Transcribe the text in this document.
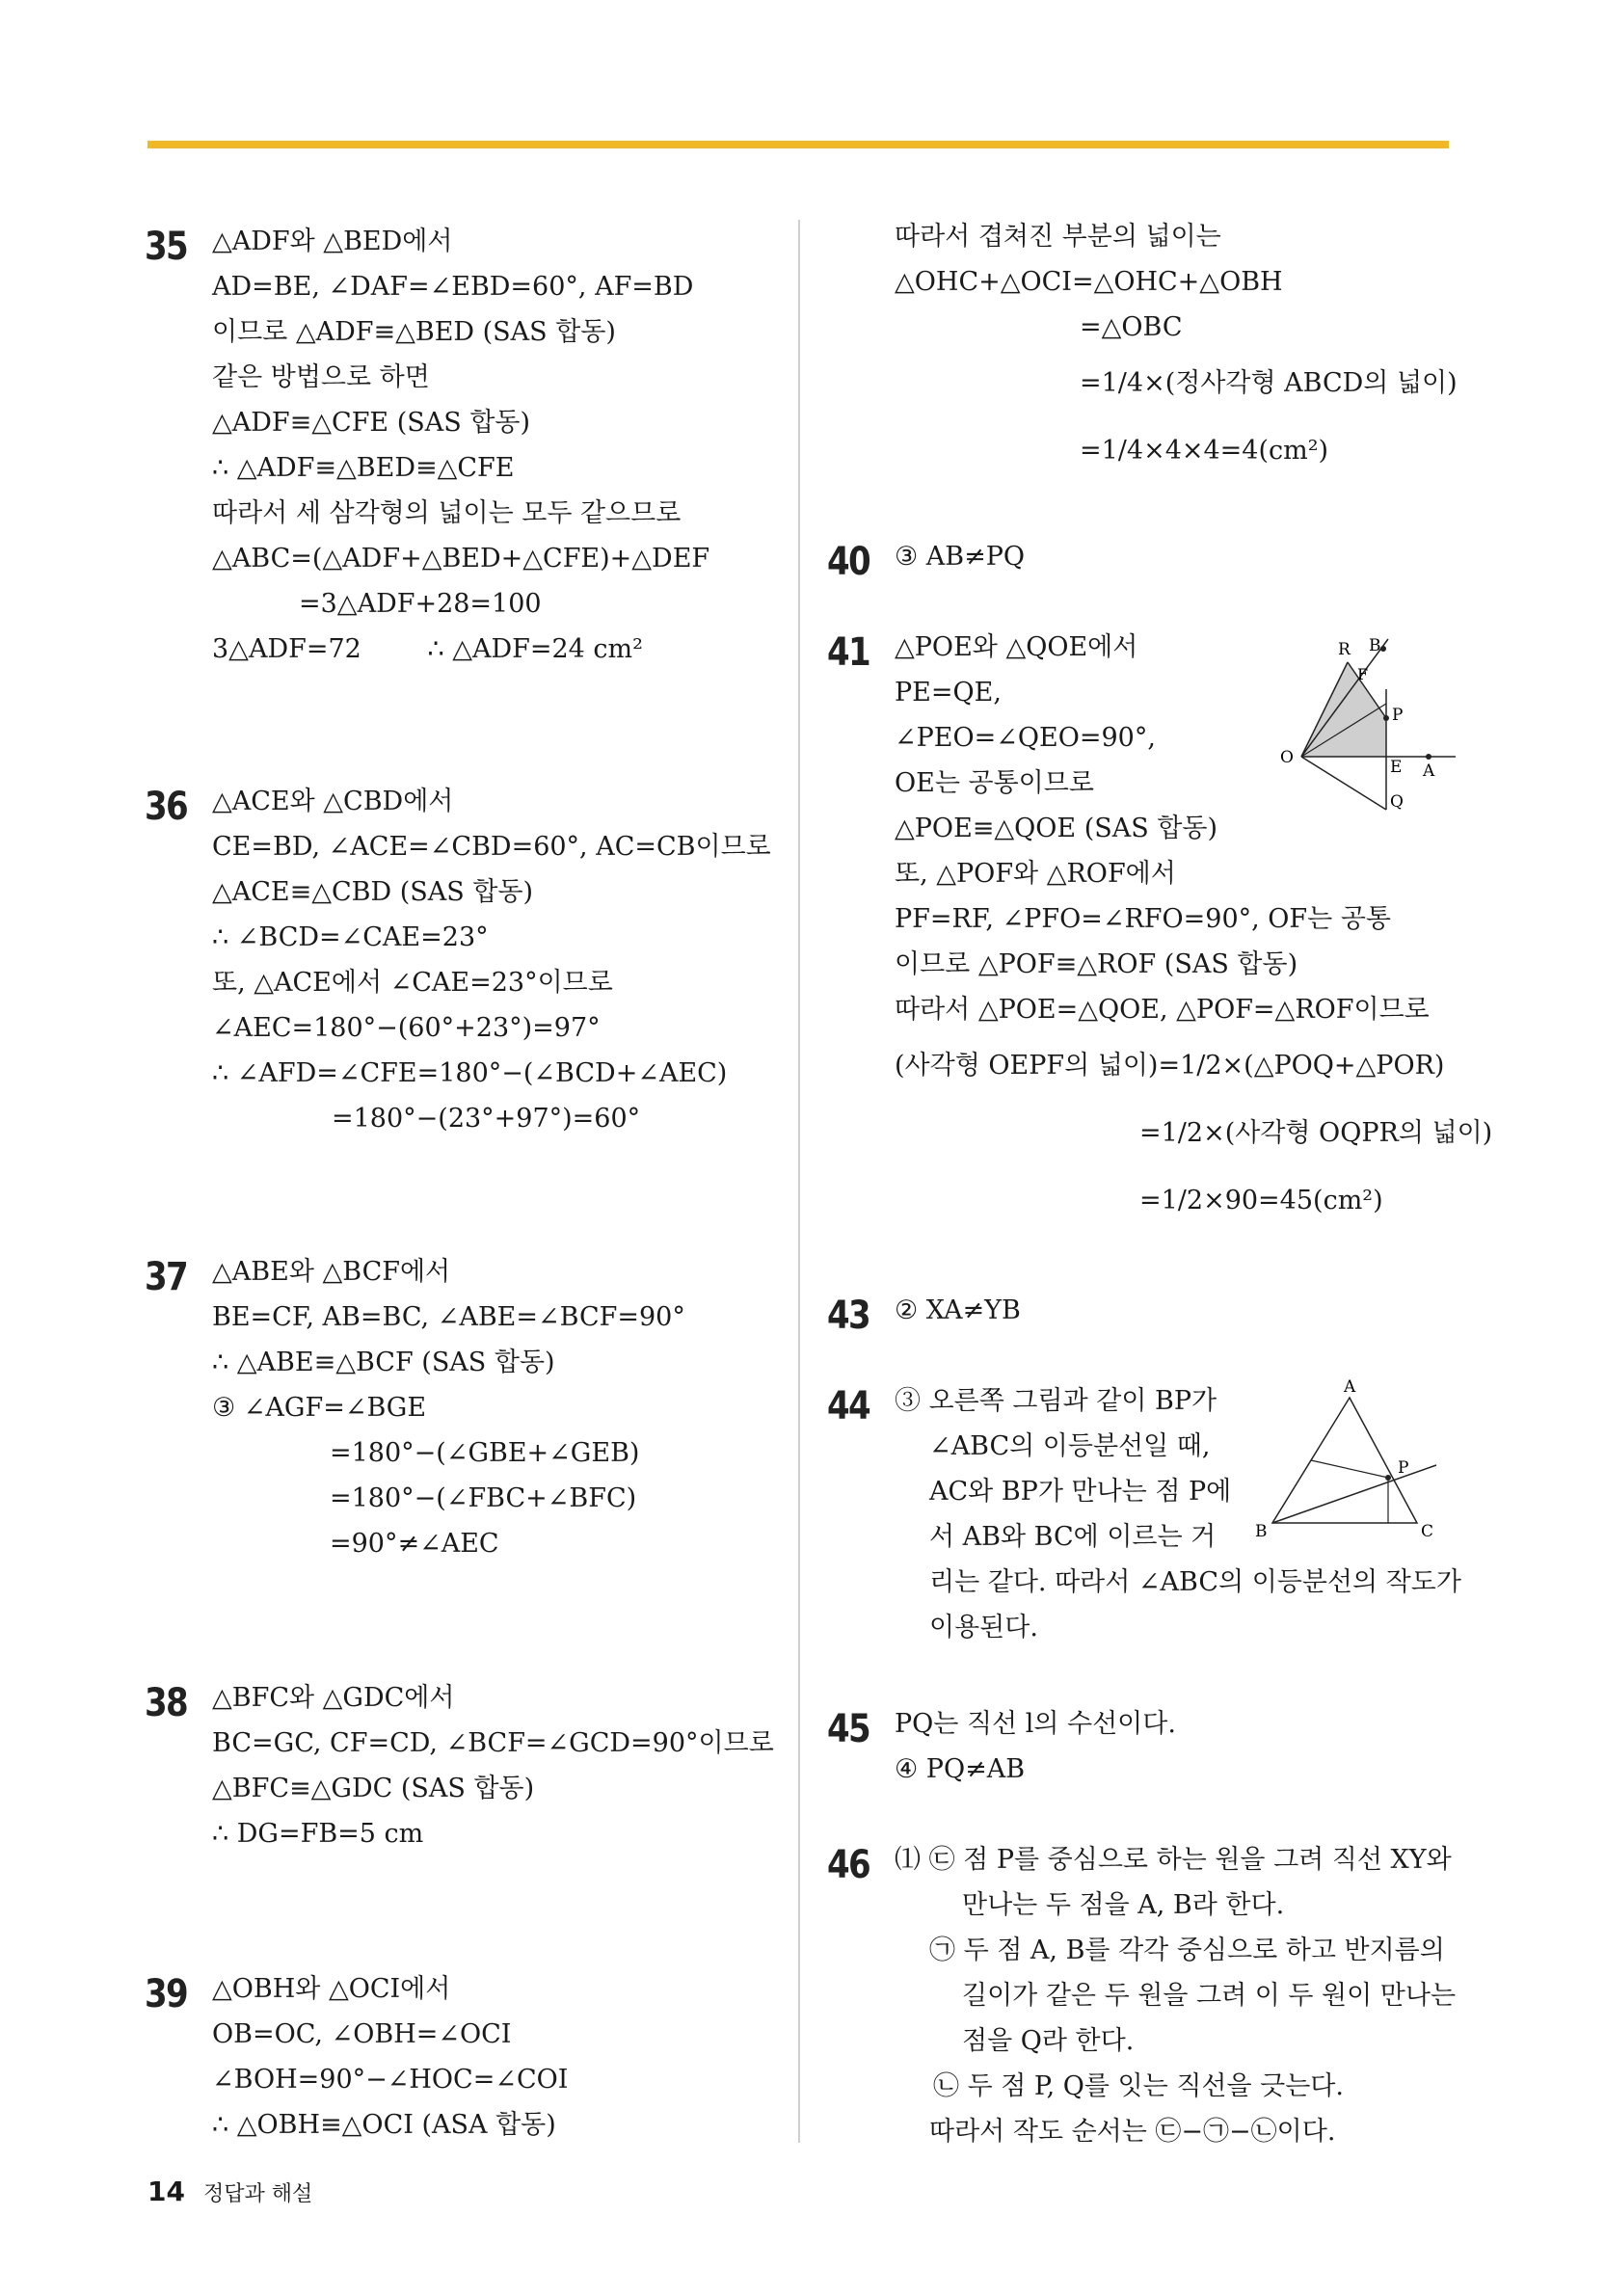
35 △ADF와 △BED에서
AD=BE, ∠DAF=∠EBD=60°, AF=BD
이므로 △ADF≡△BED (SAS 합동)
같은 방법으로 하면
△ADF≡△CFE (SAS 합동)
∴ △ADF≡△BED≡△CFE
따라서 세 삼각형의 넓이는 모두 같으므로
△ABC=(△ADF+△BED+△CFE)+△DEF
=3△ADF+28=100
3△ADF=72        ∴ △ADF=24 cm²
36 △ACE와 △CBD에서
CE=BD, ∠ACE=∠CBD=60°, AC=CB이므로
△ACE≡△CBD (SAS 합동)
∴ ∠BCD=∠CAE=23°
또, △ACE에서 ∠CAE=23°이므로
∠AEC=180°−(60°+23°)=97°
∴ ∠AFD=∠CFE=180°−(∠BCD+∠AEC)
=180°−(23°+97°)=60°
37 △ABE와 △BCF에서
BE=CF, AB=BC, ∠ABE=∠BCF=90°
∴ △ABE≡△BCF (SAS 합동)
③ ∠AGF=∠BGE
=180°−(∠GBE+∠GEB)
=180°−(∠FBC+∠BFC)
=90°≠∠AEC
38 △BFC와 △GDC에서
BC=GC, CF=CD, ∠BCF=∠GCD=90°이므로
△BFC≡△GDC (SAS 합동)
∴ DG=FB=5 cm
39 △OBH와 △OCI에서
OB=OC, ∠OBH=∠OCI
∠BOH=90°−∠HOC=∠COI
∴ △OBH≡△OCI (ASA 합동)
따라서 겹쳐진 부분의 넓이는
△OHC+△OCI=△OHC+△OBH
=△OBC
=1/4×(정사각형 ABCD의 넓이)
=1/4×4×4=4(cm²)
40 ③ AB≠PQ
41 △POE와 △QOE에서
PE=QE,
∠PEO=∠QEO=90°,
OE는 공통이므로
△POE≡△QOE (SAS 합동)
또, △POF와 △ROF에서
PF=RF, ∠PFO=∠RFO=90°, OF는 공통
이므로 △POF≡△ROF (SAS 합동)
따라서 △POE=△QOE, △POF=△ROF이므로
(사각형 OEPF의 넓이)=1/2×(△POQ+△POR)
=1/2×(사각형 OQPR의 넓이)
=1/2×90=45(cm²)
43 ② XA≠YB
44 ③ 오른쪽 그림과 같이 BP가
∠ABC의 이등분선일 때,
AC와 BP가 만나는 점 P에
서 AB와 BC에 이르는 거
리는 같다. 따라서 ∠ABC의 이등분선의 작도가
이용된다.
45 PQ는 직선 l의 수선이다.
④ PQ≠AB
46 ⑴ ㉢ 점 P를 중심으로 하는 원을 그려 직선 XY와
만나는 두 점을 A, B라 한다.
㉠ 두 점 A, B를 각각 중심으로 하고 반지름의
길이가 같은 두 원을 그려 이 두 원이 만나는
점을 Q라 한다.
㉡ 두 점 P, Q를 잇는 직선을 긋는다.
따라서 작도 순서는 ㉢−㉠−㉡이다.
O
R B
F
P
E A
Q
A
P
B	C
14 정답과 해설
